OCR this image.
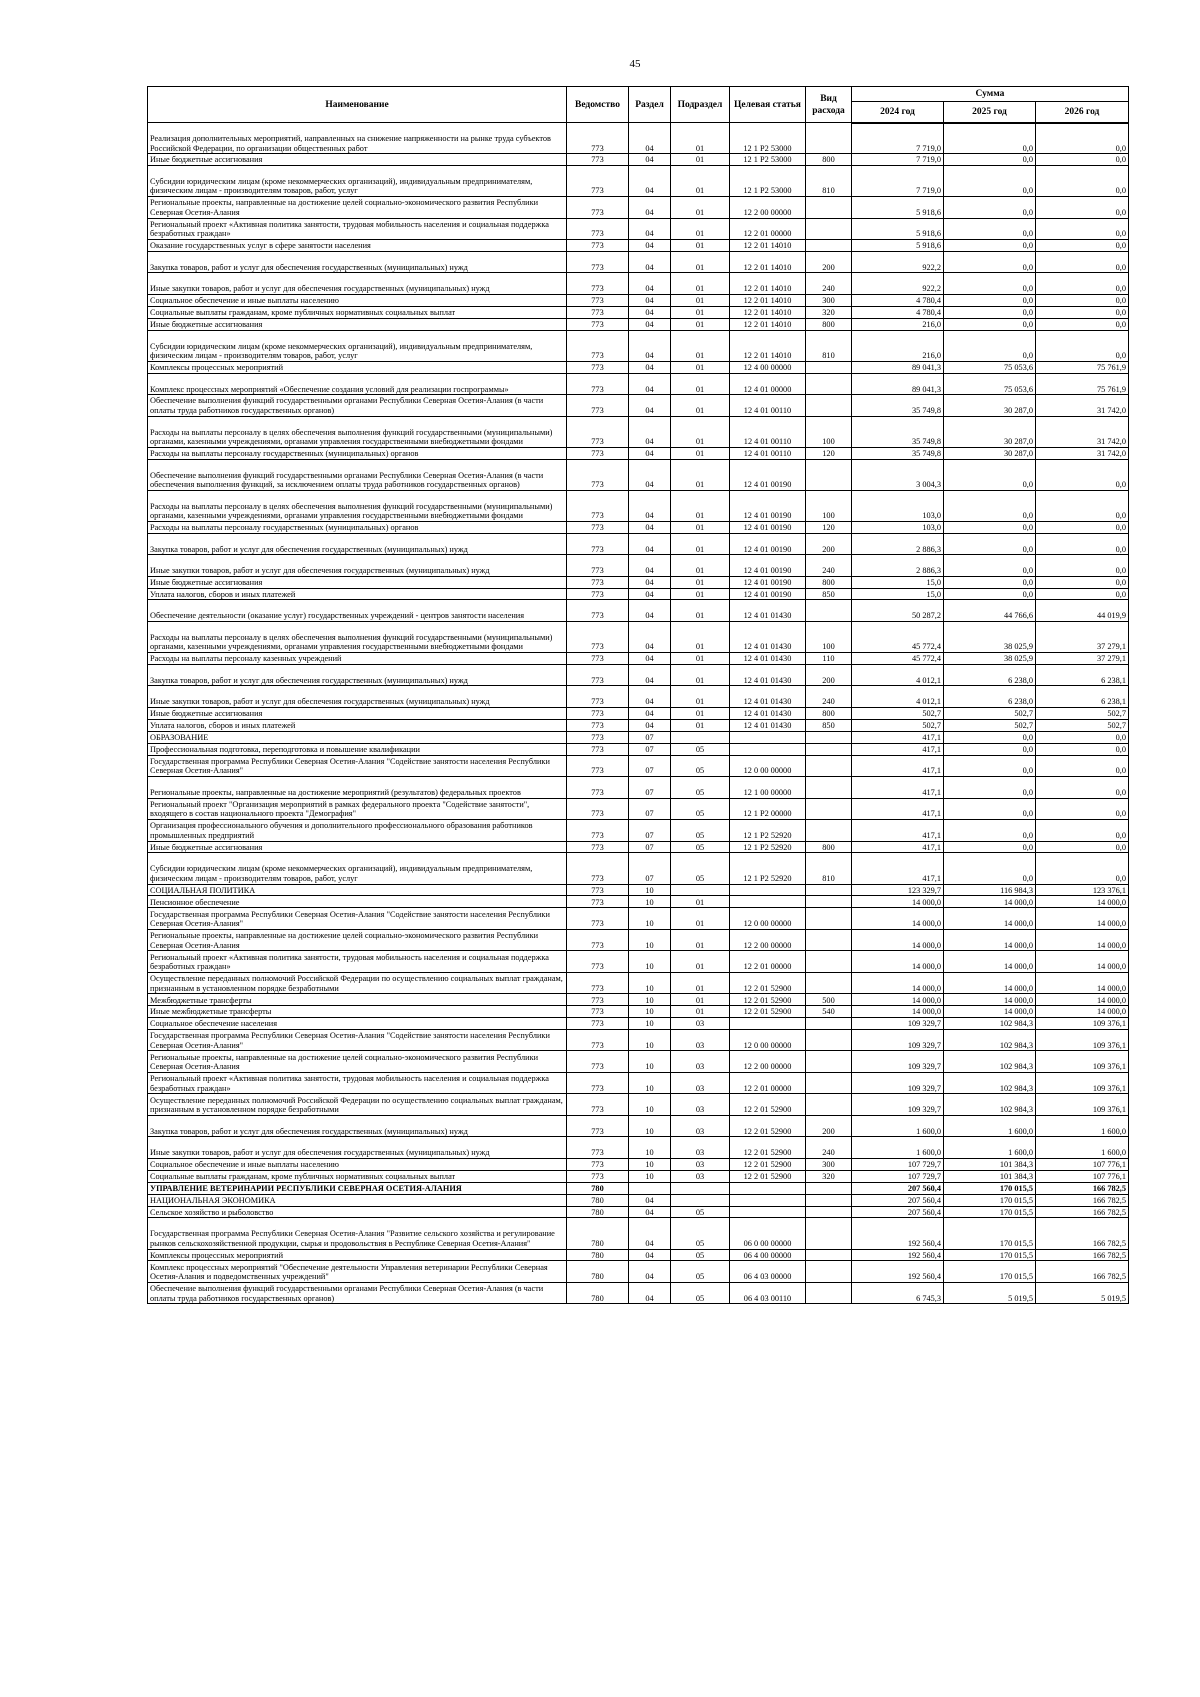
45
Наименование	Ведомство	Раздел	Подраздел	Целевая статья	Вид расхода	Сумма		
						2024 год	2025 год	2026 год
Реализация дополнительных мероприятий, направленных на снижение напряженности на рынке труда субъектов Российской Федерации, по организации общественных работ	773	04	01	12 1 Р2 53000		7 719,0	0,0	0,0
Иные бюджетные ассигнования	773	04	01	12 1 Р2 53000	800	7 719,0	0,0	0,0
Субсидии юридическим лицам (кроме некоммерческих организаций), индивидуальным предпринимателям, физическим лицам - производителям товаров, работ, услуг	773	04	01	12 1 Р2 53000	810	7 719,0	0,0	0,0
Региональные проекты, направленные на достижение целей социально-экономического развития Республики Северная Осетия-Алания	773	04	01	12 2 00 00000		5 918,6	0,0	0,0
Региональный проект «Активная политика занятости, трудовая мобильность населения и социальная поддержка безработных граждан»	773	04	01	12 2 01 00000		5 918,6	0,0	0,0
Оказание государственных услуг в сфере занятости населения	773	04	01	12 2 01 14010		5 918,6	0,0	0,0
Закупка товаров, работ и услуг для обеспечения государственных (муниципальных) нужд	773	04	01	12 2 01 14010	200	922,2	0,0	0,0
Иные закупки товаров, работ и услуг для обеспечения государственных (муниципальных) нужд	773	04	01	12 2 01 14010	240	922,2	0,0	0,0
Социальное обеспечение и иные выплаты населению	773	04	01	12 2 01 14010	300	4 780,4	0,0	0,0
Социальные выплаты гражданам, кроме публичных нормативных социальных выплат	773	04	01	12 2 01 14010	320	4 780,4	0,0	0,0
Иные бюджетные ассигнования	773	04	01	12 2 01 14010	800	216,0	0,0	0,0
Субсидии юридическим лицам (кроме некоммерческих организаций), индивидуальным предпринимателям, физическим лицам - производителям товаров, работ, услуг	773	04	01	12 2 01 14010	810	216,0	0,0	0,0
Комплексы процессных мероприятий	773	04	01	12 4 00 00000		89 041,3	75 053,6	75 761,9
Комплекс процессных мероприятий «Обеспечение создания условий для реализации госпрограммы»	773	04	01	12 4 01 00000		89 041,3	75 053,6	75 761,9
Обеспечение выполнения функций государственными органами Республики Северная Осетия-Алания (в части оплаты труда работников государственных органов)	773	04	01	12 4 01 00110		35 749,8	30 287,0	31 742,0
Расходы на выплаты персоналу в целях обеспечения выполнения функций государственными (муниципальными) органами, казенными учреждениями, органами управления государственными внебюджетными фондами	773	04	01	12 4 01 00110	100	35 749,8	30 287,0	31 742,0
Расходы на выплаты персоналу государственных (муниципальных) органов	773	04	01	12 4 01 00110	120	35 749,8	30 287,0	31 742,0
Обеспечение выполнения функций государственными органами Республики Северная Осетия-Алания (в части обеспечения выполнения функций, за исключением оплаты труда работников государственных органов)	773	04	01	12 4 01 00190		3 004,3	0,0	0,0
Расходы на выплаты персоналу в целях обеспечения выполнения функций государственными (муниципальными) органами, казенными учреждениями, органами управления государственными внебюджетными фондами	773	04	01	12 4 01 00190	100	103,0	0,0	0,0
Расходы на выплаты персоналу государственных (муниципальных) органов	773	04	01	12 4 01 00190	120	103,0	0,0	0,0
Закупка товаров, работ и услуг для обеспечения государственных (муниципальных) нужд	773	04	01	12 4 01 00190	200	2 886,3	0,0	0,0
Иные закупки товаров, работ и услуг для обеспечения государственных (муниципальных) нужд	773	04	01	12 4 01 00190	240	2 886,3	0,0	0,0
Иные бюджетные ассигнования	773	04	01	12 4 01 00190	800	15,0	0,0	0,0
Уплата налогов, сборов и иных платежей	773	04	01	12 4 01 00190	850	15,0	0,0	0,0
Обеспечение деятельности (оказание услуг) государственных учреждений - центров занятости населения	773	04	01	12 4 01 01430		50 287,2	44 766,6	44 019,9
Расходы на выплаты персоналу в целях обеспечения выполнения функций государственными (муниципальными) органами, казенными учреждениями, органами управления государственными внебюджетными фондами	773	04	01	12 4 01 01430	100	45 772,4	38 025,9	37 279,1
Расходы на выплаты персоналу казенных учреждений	773	04	01	12 4 01 01430	110	45 772,4	38 025,9	37 279,1
Закупка товаров, работ и услуг для обеспечения государственных (муниципальных) нужд	773	04	01	12 4 01 01430	200	4 012,1	6 238,0	6 238,1
Иные закупки товаров, работ и услуг для обеспечения государственных (муниципальных) нужд	773	04	01	12 4 01 01430	240	4 012,1	6 238,0	6 238,1
Иные бюджетные ассигнования	773	04	01	12 4 01 01430	800	502,7	502,7	502,7
Уплата налогов, сборов и иных платежей	773	04	01	12 4 01 01430	850	502,7	502,7	502,7
ОБРАЗОВАНИЕ	773	07				417,1	0,0	0,0
Профессиональная подготовка, переподготовка и повышение квалификации	773	07	05			417,1	0,0	0,0
Государственная программа Республики Северная Осетия-Алания "Содействие занятости населения Республики Северная Осетия-Алания"	773	07	05	12 0 00 00000		417,1	0,0	0,0
Региональные проекты, направленные на достижение мероприятий (результатов) федеральных проектов	773	07	05	12 1 00 00000		417,1	0,0	0,0
Региональный проект "Организация мероприятий в рамках федерального проекта "Содействие занятости", входящего в состав национального проекта "Демография"	773	07	05	12 1 Р2 00000		417,1	0,0	0,0
Организация профессионального обучения и дополнительного профессионального образования работников промышленных предприятий	773	07	05	12 1 Р2 52920		417,1	0,0	0,0
Иные бюджетные ассигнования	773	07	05	12 1 Р2 52920	800	417,1	0,0	0,0
Субсидии юридическим лицам (кроме некоммерческих организаций), индивидуальным предпринимателям, физическим лицам - производителям товаров, работ, услуг	773	07	05	12 1 Р2 52920	810	417,1	0,0	0,0
СОЦИАЛЬНАЯ ПОЛИТИКА	773	10				123 329,7	116 984,3	123 376,1
Пенсионное обеспечение	773	10	01			14 000,0	14 000,0	14 000,0
Государственная программа Республики Северная Осетия-Алания "Содействие занятости населения Республики Северная Осетия-Алания"	773	10	01	12 0 00 00000		14 000,0	14 000,0	14 000,0
Региональные проекты, направленные на достижение целей социально-экономического развития Республики Северная Осетия-Алания	773	10	01	12 2 00 00000		14 000,0	14 000,0	14 000,0
Региональный проект «Активная политика занятости, трудовая мобильность населения и социальная поддержка безработных граждан»	773	10	01	12 2 01 00000		14 000,0	14 000,0	14 000,0
Осуществление переданных полномочий Российской Федерации по осуществлению социальных выплат гражданам, признанным в установленном порядке безработными	773	10	01	12 2 01 52900		14 000,0	14 000,0	14 000,0
Межбюджетные трансферты	773	10	01	12 2 01 52900	500	14 000,0	14 000,0	14 000,0
Иные межбюджетные трансферты	773	10	01	12 2 01 52900	540	14 000,0	14 000,0	14 000,0
Социальное обеспечение населения	773	10	03			109 329,7	102 984,3	109 376,1
Государственная программа Республики Северная Осетия-Алания "Содействие занятости населения Республики Северная Осетия-Алания"	773	10	03	12 0 00 00000		109 329,7	102 984,3	109 376,1
Региональные проекты, направленные на достижение целей социально-экономического развития Республики Северная Осетия-Алания	773	10	03	12 2 00 00000		109 329,7	102 984,3	109 376,1
Региональный проект «Активная политика занятости, трудовая мобильность населения и социальная поддержка безработных граждан»	773	10	03	12 2 01 00000		109 329,7	102 984,3	109 376,1
Осуществление переданных полномочий Российской Федерации по осуществлению социальных выплат гражданам, признанным в установленном порядке безработными	773	10	03	12 2 01 52900		109 329,7	102 984,3	109 376,1
Закупка товаров, работ и услуг для обеспечения государственных (муниципальных) нужд	773	10	03	12 2 01 52900	200	1 600,0	1 600,0	1 600,0
Иные закупки товаров, работ и услуг для обеспечения государственных (муниципальных) нужд	773	10	03	12 2 01 52900	240	1 600,0	1 600,0	1 600,0
Социальное обеспечение и иные выплаты населению	773	10	03	12 2 01 52900	300	107 729,7	101 384,3	107 776,1
Социальные выплаты гражданам, кроме публичных нормативных социальных выплат	773	10	03	12 2 01 52900	320	107 729,7	101 384,3	107 776,1
УПРАВЛЕНИЕ ВЕТЕРИНАРИИ РЕСПУБЛИКИ СЕВЕРНАЯ ОСЕТИЯ-АЛАНИЯ	780					207 560,4	170 015,5	166 782,5
НАЦИОНАЛЬНАЯ ЭКОНОМИКА	780	04				207 560,4	170 015,5	166 782,5
Сельское хозяйство и рыболовство	780	04	05			207 560,4	170 015,5	166 782,5
Государственная программа Республики Северная Осетия-Алания "Развитие сельского хозяйства и регулирование рынков сельскохозяйственной продукции, сырья и продовольствия в Республике Северная Осетия-Алания"	780	04	05	06 0 00 00000		192 560,4	170 015,5	166 782,5
Комплексы процессных мероприятий	780	04	05	06 4 00 00000		192 560,4	170 015,5	166 782,5
Комплекс процессных мероприятий "Обеспечение деятельности Управления ветеринарии Республики Северная Осетия-Алания и подведомственных учреждений"	780	04	05	06 4 03 00000		192 560,4	170 015,5	166 782,5
Обеспечение выполнения функций государственными органами Республики Северная Осетия-Алания (в части оплаты труда работников государственных органов)	780	04	05	06 4 03 00110		6 745,3	5 019,5	5 019,5
